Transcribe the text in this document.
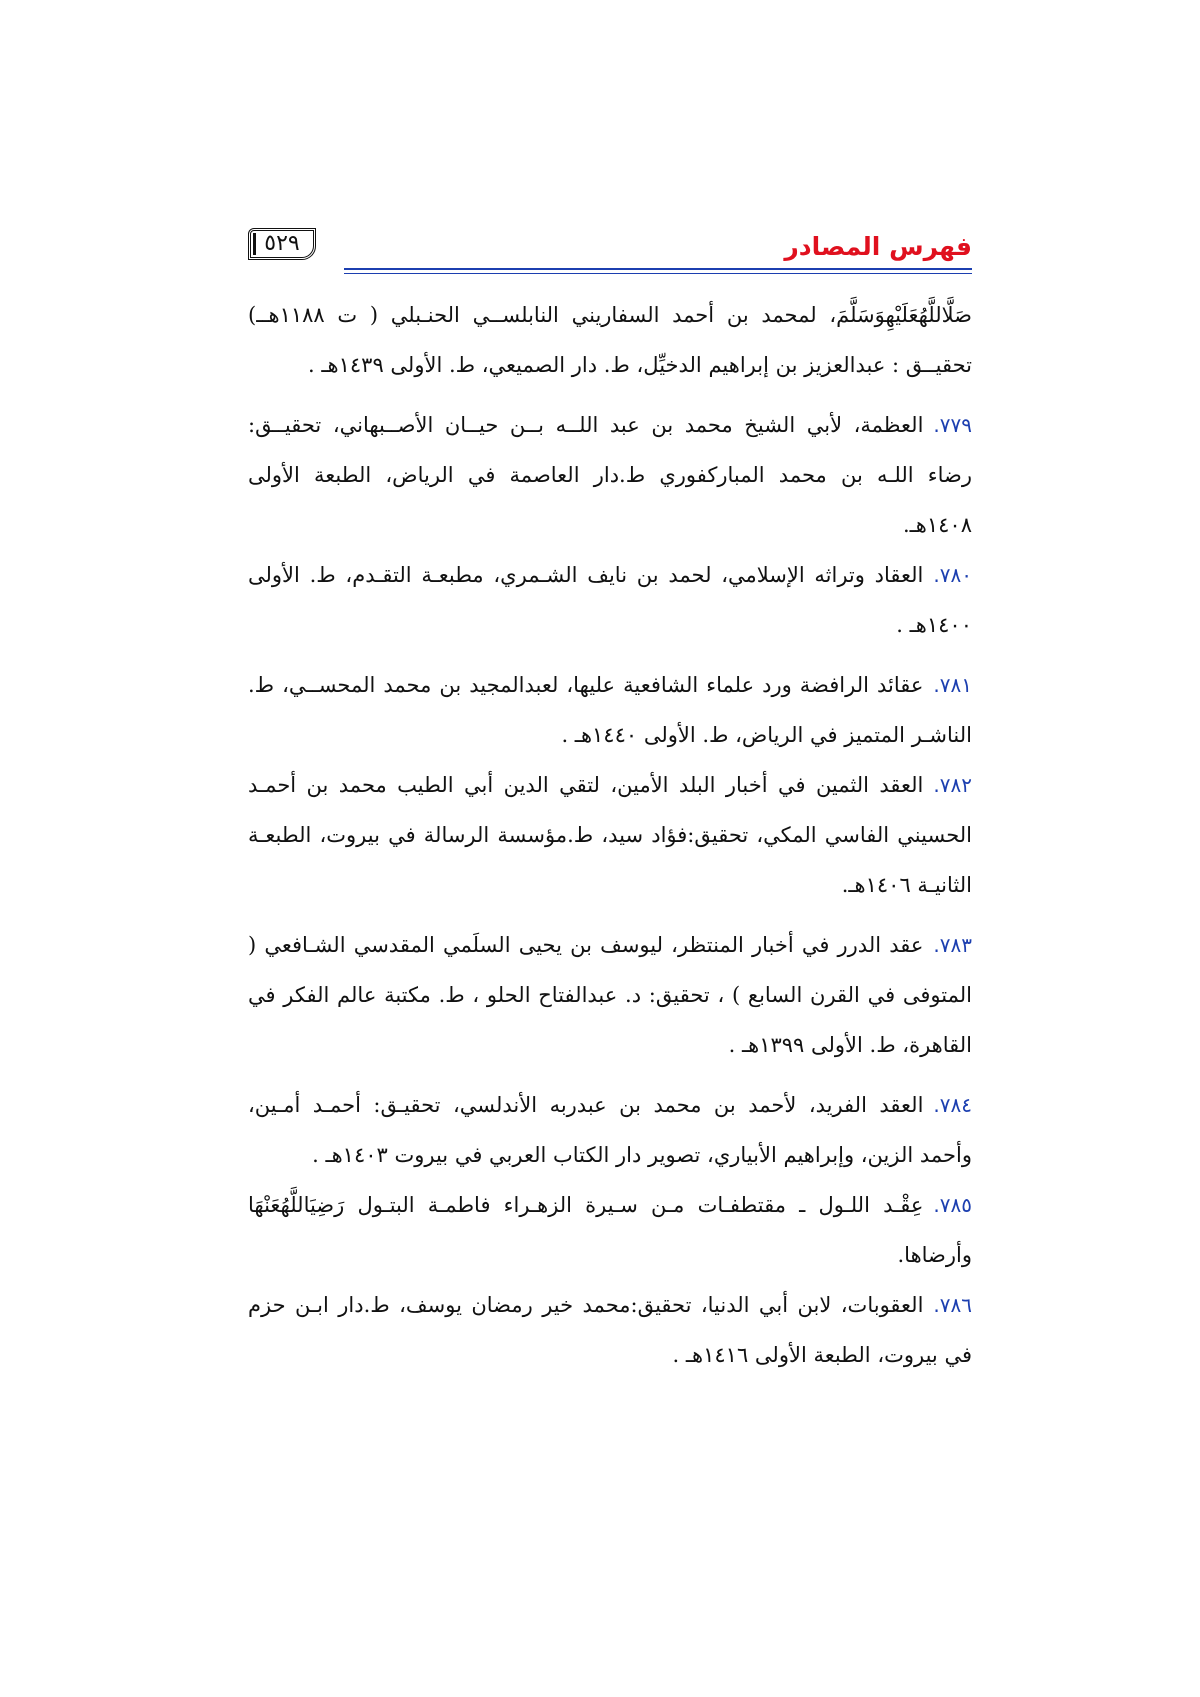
فهرس المصادر
٥٢٩

صَلَّاللَّهُعَلَيْهِوَسَلَّمَ، لمحمد بن أحمد السفاريني النابلســي الحنـبلي ( ت ١١٨٨هــ) تحقيــق : عبدالعزيز بن إبراهيم الدخيِّل، ط. دار الصميعي، ط. الأولى ١٤٣٩هـ .

٧٧٩.العظمة، لأبي الشيخ محمد بن عبد اللــه بــن حيــان الأصــبهاني، تحقيــق: رضاء اللـه بن محمد المباركفوري ط.دار العاصمة في الرياض، الطبعة الأولى ١٤٠٨هـ.

٧٨٠.العقاد وتراثه الإسلامي، لحمد بن نايف الشـمري، مطبعـة التقـدم، ط. الأولى ١٤٠٠هـ .

٧٨١.عقائد الرافضة ورد علماء الشافعية عليها، لعبدالمجيد بن محمد المحســي، ط. الناشـر المتميز في الرياض، ط. الأولى ١٤٤٠هـ .

٧٨٢.العقد الثمين في أخبار البلد الأمين، لتقي الدين أبي الطيب محمد بن أحمـد الحسيني الفاسي المكي، تحقيق:فؤاد سيد، ط.مؤسسة الرسالة في بيروت، الطبعـة الثانيـة ١٤٠٦هـ.

٧٨٣.عقد الدرر في أخبار المنتظر، ليوسف بن يحيى السلَمي المقدسي الشـافعي ( المتوفى في القرن السابع ) ، تحقيق: د. عبدالفتاح الحلو ، ط. مكتبة عالم الفكر في القاهرة، ط. الأولى ١٣٩٩هـ .

٧٨٤.العقد الفريد، لأحمد بن محمد بن عبدربه الأندلسي، تحقيـق: أحمـد أمـين، وأحمد الزين، وإبراهيم الأبياري، تصوير دار الكتاب العربي في بيروت ١٤٠٣هـ .

٧٨٥.عِقْـد اللـول ـ مقتطفـات مـن سـيرة الزهـراء فاطمـة البتـول رَضِيَاللَّهُعَنْهَا وأرضاها.

٧٨٦.العقوبات، لابن أبي الدنيا، تحقيق:محمد خير رمضان يوسف، ط.دار ابـن حزم في بيروت، الطبعة الأولى ١٤١٦هـ .
